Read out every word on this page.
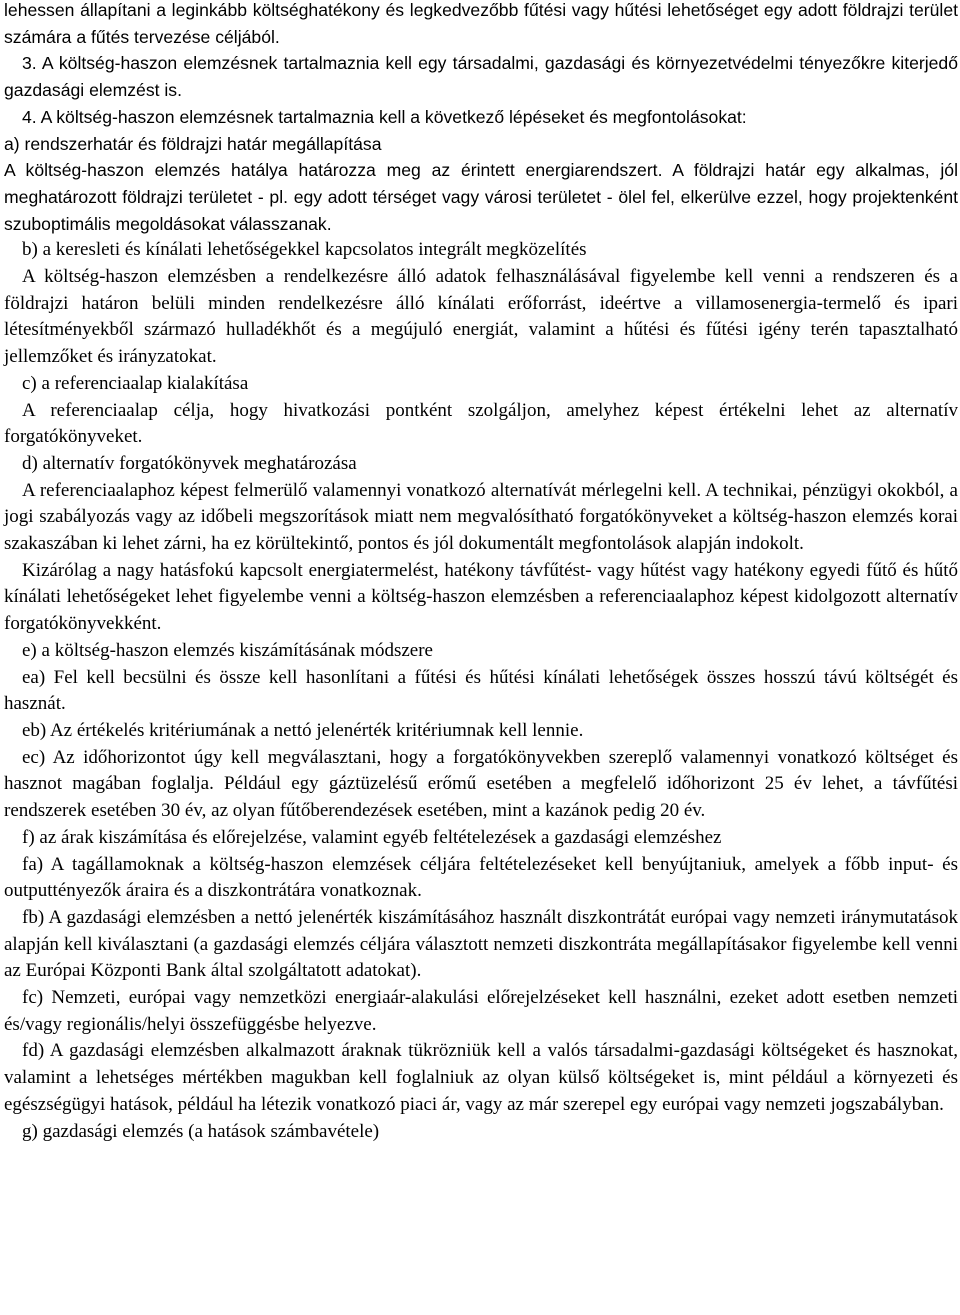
lehessen állapítani a leginkább költséghatékony és legkedvezőbb fűtési vagy hűtési lehetőséget egy adott földrajzi terület számára a fűtés tervezése céljából.

3. A költség-haszon elemzésnek tartalmaznia kell egy társadalmi, gazdasági és környezetvédelmi tényezőkre kiterjedő gazdasági elemzést is.

4. A költség-haszon elemzésnek tartalmaznia kell a következő lépéseket és megfontolásokat:

a) rendszerhatár és földrajzi határ megállapítása

A költség-haszon elemzés hatálya határozza meg az érintett energiarendszert. A földrajzi határ egy alkalmas, jól meghatározott földrajzi területet - pl. egy adott térséget vagy városi területet - ölel fel, elkerülve ezzel, hogy projektenként szuboptimális megoldásokat válasszanak.

b) a keresleti és kínálati lehetőségekkel kapcsolatos integrált megközelítés

A költség-haszon elemzésben a rendelkezésre álló adatok felhasználásával figyelembe kell venni a rendszeren és a földrajzi határon belüli minden rendelkezésre álló kínálati erőforrást, ideértve a villamosenergia-termelő és ipari létesítményekből származó hulladékhőt és a megújuló energiát, valamint a hűtési és fűtési igény terén tapasztalható jellemzőket és irányzatokat.

c) a referenciaalap kialakítása

A referenciaalap célja, hogy hivatkozási pontként szolgáljon, amelyhez képest értékelni lehet az alternatív forgatókönyveket.

d) alternatív forgatókönyvek meghatározása

A referenciaalaphoz képest felmerülő valamennyi vonatkozó alternatívát mérlegelni kell. A technikai, pénzügyi okokból, a jogi szabályozás vagy az időbeli megszorítások miatt nem megvalósítható forgatókönyveket a költség-haszon elemzés korai szakaszában ki lehet zárni, ha ez körültekintő, pontos és jól dokumentált megfontolások alapján indokolt.

Kizárólag a nagy hatásfokú kapcsolt energiatermelést, hatékony távfűtést- vagy hűtést vagy hatékony egyedi fűtő és hűtő kínálati lehetőségeket lehet figyelembe venni a költség-haszon elemzésben a referenciaalaphoz képest kidolgozott alternatív forgatókönyvekként.

e) a költség-haszon elemzés kiszámításának módszere

ea) Fel kell becsülni és össze kell hasonlítani a fűtési és hűtési kínálati lehetőségek összes hosszú távú költségét és hasznát.

eb) Az értékelés kritériumának a nettó jelenérték kritériumnak kell lennie.

ec) Az időhorizontot úgy kell megválasztani, hogy a forgatókönyvekben szereplő valamennyi vonatkozó költséget és hasznot magában foglalja. Például egy gáztüzelésű erőmű esetében a megfelelő időhorizont 25 év lehet, a távfűtési rendszerek esetében 30 év, az olyan fűtőberendezések esetében, mint a kazánok pedig 20 év.

f) az árak kiszámítása és előrejelzése, valamint egyéb feltételezések a gazdasági elemzéshez

fa) A tagállamoknak a költség-haszon elemzések céljára feltételezéseket kell benyújtaniuk, amelyek a főbb input- és outputtényezők áraira és a diszkontrátára vonatkoznak.

fb) A gazdasági elemzésben a nettó jelenérték kiszámításához használt diszkontrátát európai vagy nemzeti iránymutatások alapján kell kiválasztani (a gazdasági elemzés céljára választott nemzeti diszkontráta megállapításakor figyelembe kell venni az Európai Központi Bank által szolgáltatott adatokat).

fc) Nemzeti, európai vagy nemzetközi energiaár-alakulási előrejelzéseket kell használni, ezeket adott esetben nemzeti és/vagy regionális/helyi összefüggésbe helyezve.

fd) A gazdasági elemzésben alkalmazott áraknak tükrözniük kell a valós társadalmi-gazdasági költségeket és hasznokat, valamint a lehetséges mértékben magukban kell foglalniuk az olyan külső költségeket is, mint például a környezeti és egészségügyi hatások, például ha létezik vonatkozó piaci ár, vagy az már szerepel egy európai vagy nemzeti jogszabályban.

g) gazdasági elemzés (a hatások számbavétele)
